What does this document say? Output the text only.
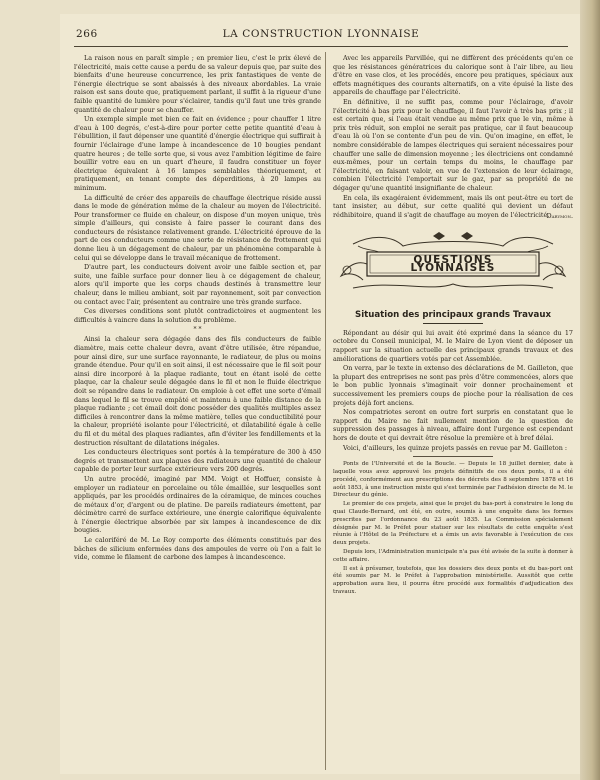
266	LA CONSTRUCTION LYONNAISE

La raison nous en paraît simple ; en premier lieu, c'est le prix élevé de l'électricité, mais cette cause a perdu de sa valeur depuis que, par suite des bienfaits d'une heureuse concurrence, les prix fantastiques de vente de l'énergie électrique se sont abaissés à des niveaux abordables. La vraie raison est sans doute que, pratiquement parlant, il suffit à la rigueur d'une faible quantité de lumière pour s'éclairer, tandis qu'il faut une très grande quantité de chaleur pour se chauffer.

Un exemple simple met bien ce fait en évidence ; pour chauffer 1 litre d'eau à 100 degrés, c'est-à-dire pour porter cette petite quantité d'eau à l'ébullition, il faut dépenser une quantité d'énergie électrique qui suffirait à fournir l'éclairage d'une lampe à incandescence de 10 bougies pendant quatre heures ; de telle sorte que, si vous avez l'ambition légitime de faire bouillir votre eau en un quart d'heure, il faudra constituer un foyer électrique équivalent à 16 lampes semblables théoriquement, et pratiquement, en tenant compte des déperditions, à 20 lampes au minimum.

La difficulté de créer des appareils de chauffage électrique réside aussi dans le mode de génération même de la chaleur au moyen de l'électricité. Pour transformer ce fluide en chaleur, on dispose d'un moyen unique, très simple d'ailleurs, qui consiste à faire passer le courant dans des conducteurs de résistance relativement grande. L'électricité éprouve de la part de ces conducteurs comme une sorte de résistance de frottement qui donne lieu à un dégagement de chaleur, par un phénomène comparable à celui qui se développe dans le travail mécanique de frottement.

D'autre part, les conducteurs doivent avoir une faible section et, par suite, une faible surface pour donner lieu à ce dégagement de chaleur, alors qu'il importe que les corps chauds destinés à transmettre leur chaleur, dans le milieu ambiant, soit par rayonnement, soit par convection ou contact avec l'air, présentent au contraire une très grande surface.

Ces diverses conditions sont plutôt contradictoires et augmentent les difficultés à vaincre dans la solution du problème.

* *

Ainsi la chaleur sera dégagée dans des fils conducteurs de faible diamètre, mais cette chaleur devra, avant d'être utilisée, être répandue, pour ainsi dire, sur une surface rayonnante, le radiateur, de plus ou moins grande étendue. Pour qu'il en soit ainsi, il est nécessaire que le fil soit pour ainsi dire incorporé à la plaque radiante, tout en étant isolé de cette plaque, car la chaleur seule dégagée dans le fil et non le fluide électrique doit se répandre dans le radiateur. On emploie à cet effet une sorte d'émail dans lequel le fil se trouve empâté et maintenu à une faible distance de la plaque radiante ; cet émail doit donc posséder des qualités multiples assez difficiles à rencontrer dans la même matière, telles que conductibilité pour la chaleur, propriété isolante pour l'électricité, et dilatabilité égale à celle du fil et du métal des plaques radiantes, afin d'éviter les fendillements et la destruction résultant de dilatations inégales.

Les conducteurs électriques sont portés à la température de 300 à 450 degrés et transmettent aux plaques des radiateurs une quantité de chaleur capable de porter leur surface extérieure vers 200 degrés.

Un autre procédé, imaginé par MM. Voigt et Hoffuer, consiste à employer un radiateur en porcelaine ou tôle émaillée, sur lesquelles sont appliqués, par les procédés ordinaires de la céramique, de minces couches de métaux d'or, d'argent ou de platine. De pareils radiateurs émettent, par décimètre carré de surface extérieure, une énergie calorifique équivalente à l'énergie électrique absorbée par six lampes à incandescence de dix bougies.

Le caloriféré de M. Le Roy comporte des éléments constitués par des bâches de silicium enfermées dans des ampoules de verre où l'on a fait le vide, comme le filament de carbone des lampes à incandescence.

Avec les appareils Parvillée, qui ne diffèrent des précédents qu'en ce que les résistances génératrices du calorique sont à l'air libre, au lieu d'être en vase clos, et les procédés, encore peu pratiques, spéciaux aux effets magnétiques des courants alternatifs, on a vite épuisé la liste des appareils de chauffage par l'électricité.

En définitive, il ne suffit pas, comme pour l'éclairage, d'avoir l'électricité à bas prix pour le chauffage, il faut l'avoir à très bas prix ; il est certain que, si l'eau était vendue au même prix que le vin, même à prix très réduit, son emploi ne serait pas pratique, car il faut beaucoup d'eau là où l'on se contente d'un peu de vin. Qu'on imagine, en effet, le nombre considérable de lampes électriques qui seraient nécessaires pour chauffer une salle de dimension moyenne ; les électriciens ont condamné eux-mêmes, pour un certain temps du moins, le chauffage par l'électricité, en faisant valoir, en vue de l'extension de leur éclairage, combien l'électricité l'emportait sur le gaz, par sa propriété de ne dégager qu'une quantité insignifiante de chaleur.

En cela, ils exagéraient évidemment, mais ils ont peut-être eu tort de tant insister, au début, sur cette qualité qui devient un défaut rédhibitoire, quand il s'agit de chauffage au moyen de l'électricité.

Darymon.
QUESTIONS LYONNAISES
Situation des principaux grands Travaux

Répondant au désir qui lui avait été exprimé dans la séance du 17 octobre du Conseil municipal, M. le Maire de Lyon vient de déposer un rapport sur la situation actuelle des principaux grands travaux et des améliorations de quartiers votés par cet Assemblée.

On verra, par le texte in extenso des déclarations de M. Gailleton, que la plupart des entreprises ne sont pas près d'être commencées, alors que le bon public lyonnais s'imaginait voir donner prochainement et successivement les premiers coups de pioche pour la réalisation de ces projets déjà fort anciens.

Nos compatriotes seront en outre fort surpris en constatant que le rapport du Maire ne fait nullement mention de la question de suppression des passages à niveau, affaire dont l'urgence est cependant hors de doute et qui devrait être résolue la première et à bref délai.

Voici, d'ailleurs, les quinze projets passés en revue par M. Gailleton :

Ponts de l'Université et de la Boucle. — Depuis le 18 juillet dernier, date à laquelle vous avez approuvé les projets définitifs de ces deux ponts, il a été procédé, conformément aux prescriptions des décrets des 8 septembre 1878 et 16 août 1853, à une instruction mixte qui s'est terminée par l'adhésion directe de M. le Directeur du génie.

Le premier de ces projets, ainsi que le projet du bas-port à construire le long du quai Claude-Bernard, ont été, en outre, soumis à une enquête dans les formes prescrites par l'ordonnance du 23 août 1835. La Commission spécialement désignée par M. le Préfet pour statuer sur les résultats de cette enquête s'est réunie à l'Hôtel de la Préfecture et a émis un avis favorable à l'exécution de ces deux projets.

Depuis lors, l'Administration municipale n'a pas été avisée de la suite à donner à cette affaire.

Il est à présumer, toutefois, que les dossiers des deux ponts et du bas-port ont été soumis par M. le Préfet à l'approbation ministérielle. Aussitôt que cette approbation aura lieu, il pourra être procédé aux formalités d'adjudication des travaux.
